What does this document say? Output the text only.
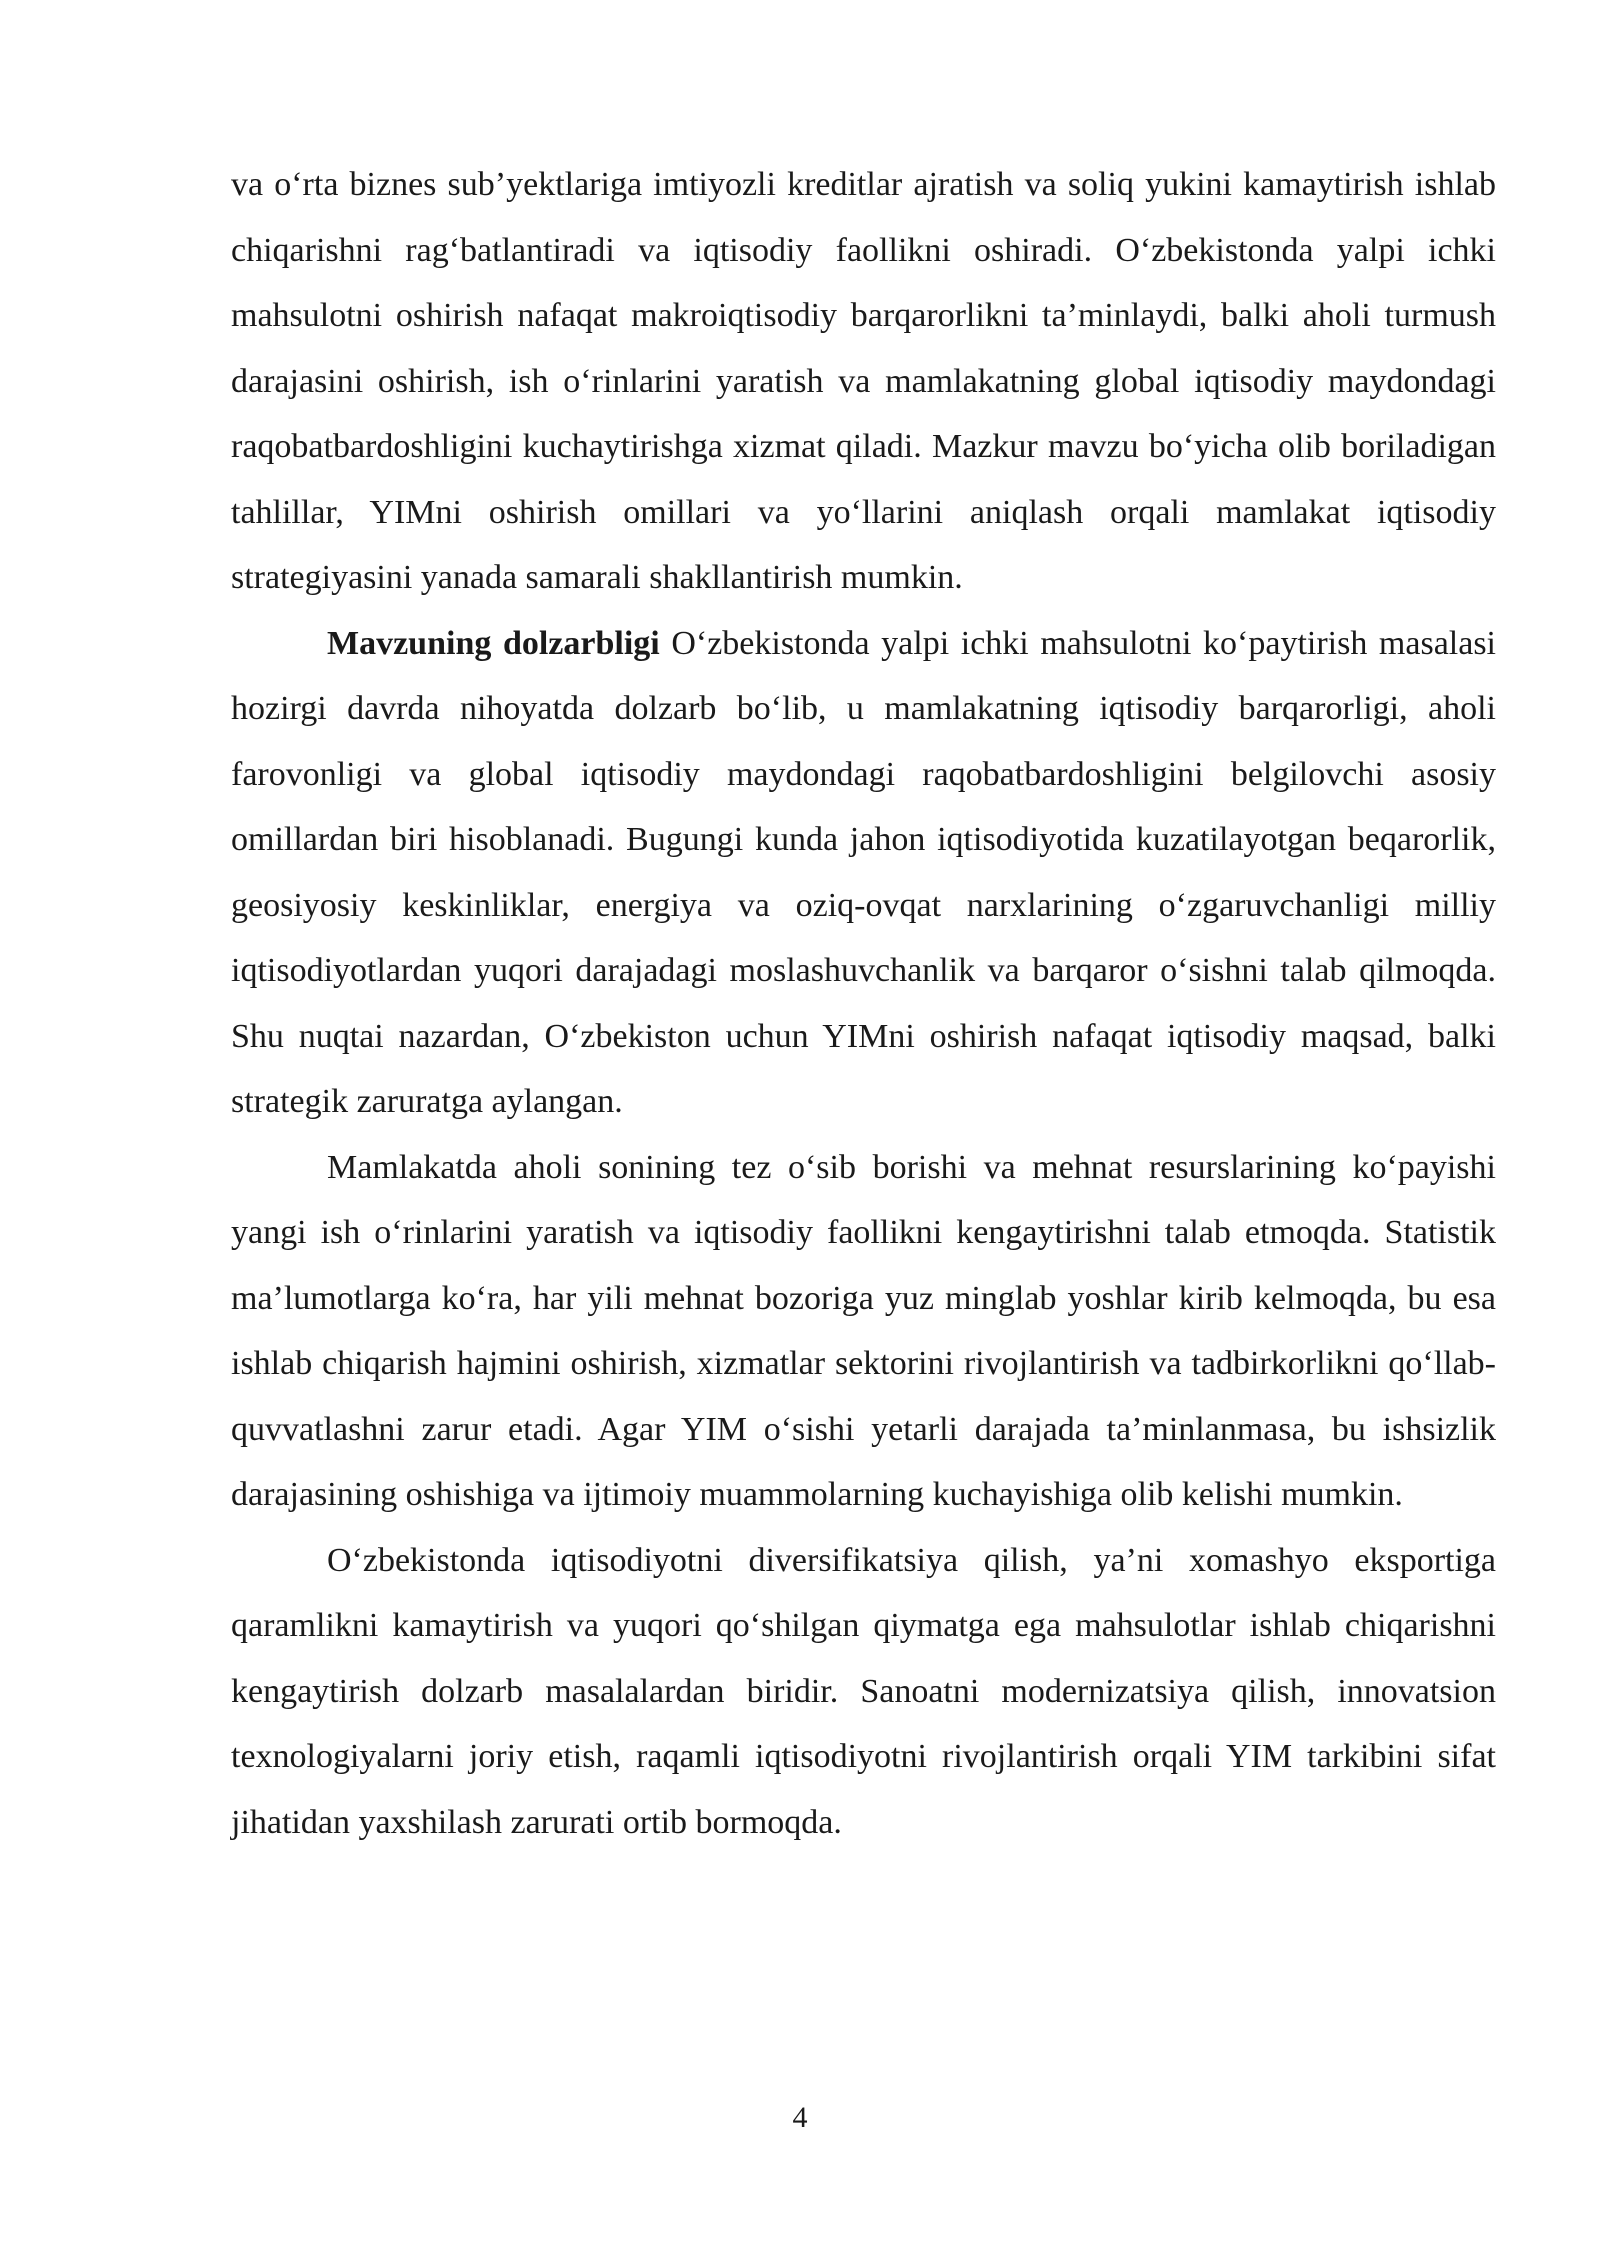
va o‘rta biznes sub’yektlariga imtiyozli kreditlar ajratish va soliq yukini kamaytirish ishlab chiqarishni rag‘batlantiradi va iqtisodiy faollikni oshiradi. O‘zbekistonda yalpi ichki mahsulotni oshirish nafaqat makroiqtisodiy barqarorlikni ta’minlaydi, balki aholi turmush darajasini oshirish, ish o‘rinlarini yaratish va mamlakatning global iqtisodiy maydondagi raqobatbardoshligini kuchaytirishga xizmat qiladi. Mazkur mavzu bo‘yicha olib boriladigan tahlillar, YIMni oshirish omillari va yo‘llarini aniqlash orqali mamlakat iqtisodiy strategiyasini yanada samarali shakllantirish mumkin.

Mavzuning dolzarbligi O‘zbekistonda yalpi ichki mahsulotni ko‘paytirish masalasi hozirgi davrda nihoyatda dolzarb bo‘lib, u mamlakatning iqtisodiy barqarorligi, aholi farovonligi va global iqtisodiy maydondagi raqobatbardoshligini belgilovchi asosiy omillardan biri hisoblanadi. Bugungi kunda jahon iqtisodiyotida kuzatilayotgan beqarorlik, geosiyosiy keskinliklar, energiya va oziq-ovqat narxlarining o‘zgaruvchanligi milliy iqtisodiyotlardan yuqori darajadagi moslashuvchanlik va barqaror o‘sishni talab qilmoqda. Shu nuqtai nazardan, O‘zbekiston uchun YIMni oshirish nafaqat iqtisodiy maqsad, balki strategik zaruratga aylangan.

Mamlakatda aholi sonining tez o‘sib borishi va mehnat resurslarining ko‘payishi yangi ish o‘rinlarini yaratish va iqtisodiy faollikni kengaytirishni talab etmoqda. Statistik ma’lumotlarga ko‘ra, har yili mehnat bozoriga yuz minglab yoshlar kirib kelmoqda, bu esa ishlab chiqarish hajmini oshirish, xizmatlar sektorini rivojlantirish va tadbirkorlikni qo‘llab-quvvatlashni zarur etadi. Agar YIM o‘sishi yetarli darajada ta’minlanmasa, bu ishsizlik darajasining oshishiga va ijtimoiy muammolarning kuchayishiga olib kelishi mumkin.

O‘zbekistonda iqtisodiyotni diversifikatsiya qilish, ya’ni xomashyo eksportiga qaramlikni kamaytirish va yuqori qo‘shilgan qiymatga ega mahsulotlar ishlab chiqarishni kengaytirish dolzarb masalalardan biridir. Sanoatni modernizatsiya qilish, innovatsion texnologiyalarni joriy etish, raqamli iqtisodiyotni rivojlantirish orqali YIM tarkibini sifat jihatidan yaxshilash zarurati ortib bormoqda.

4
